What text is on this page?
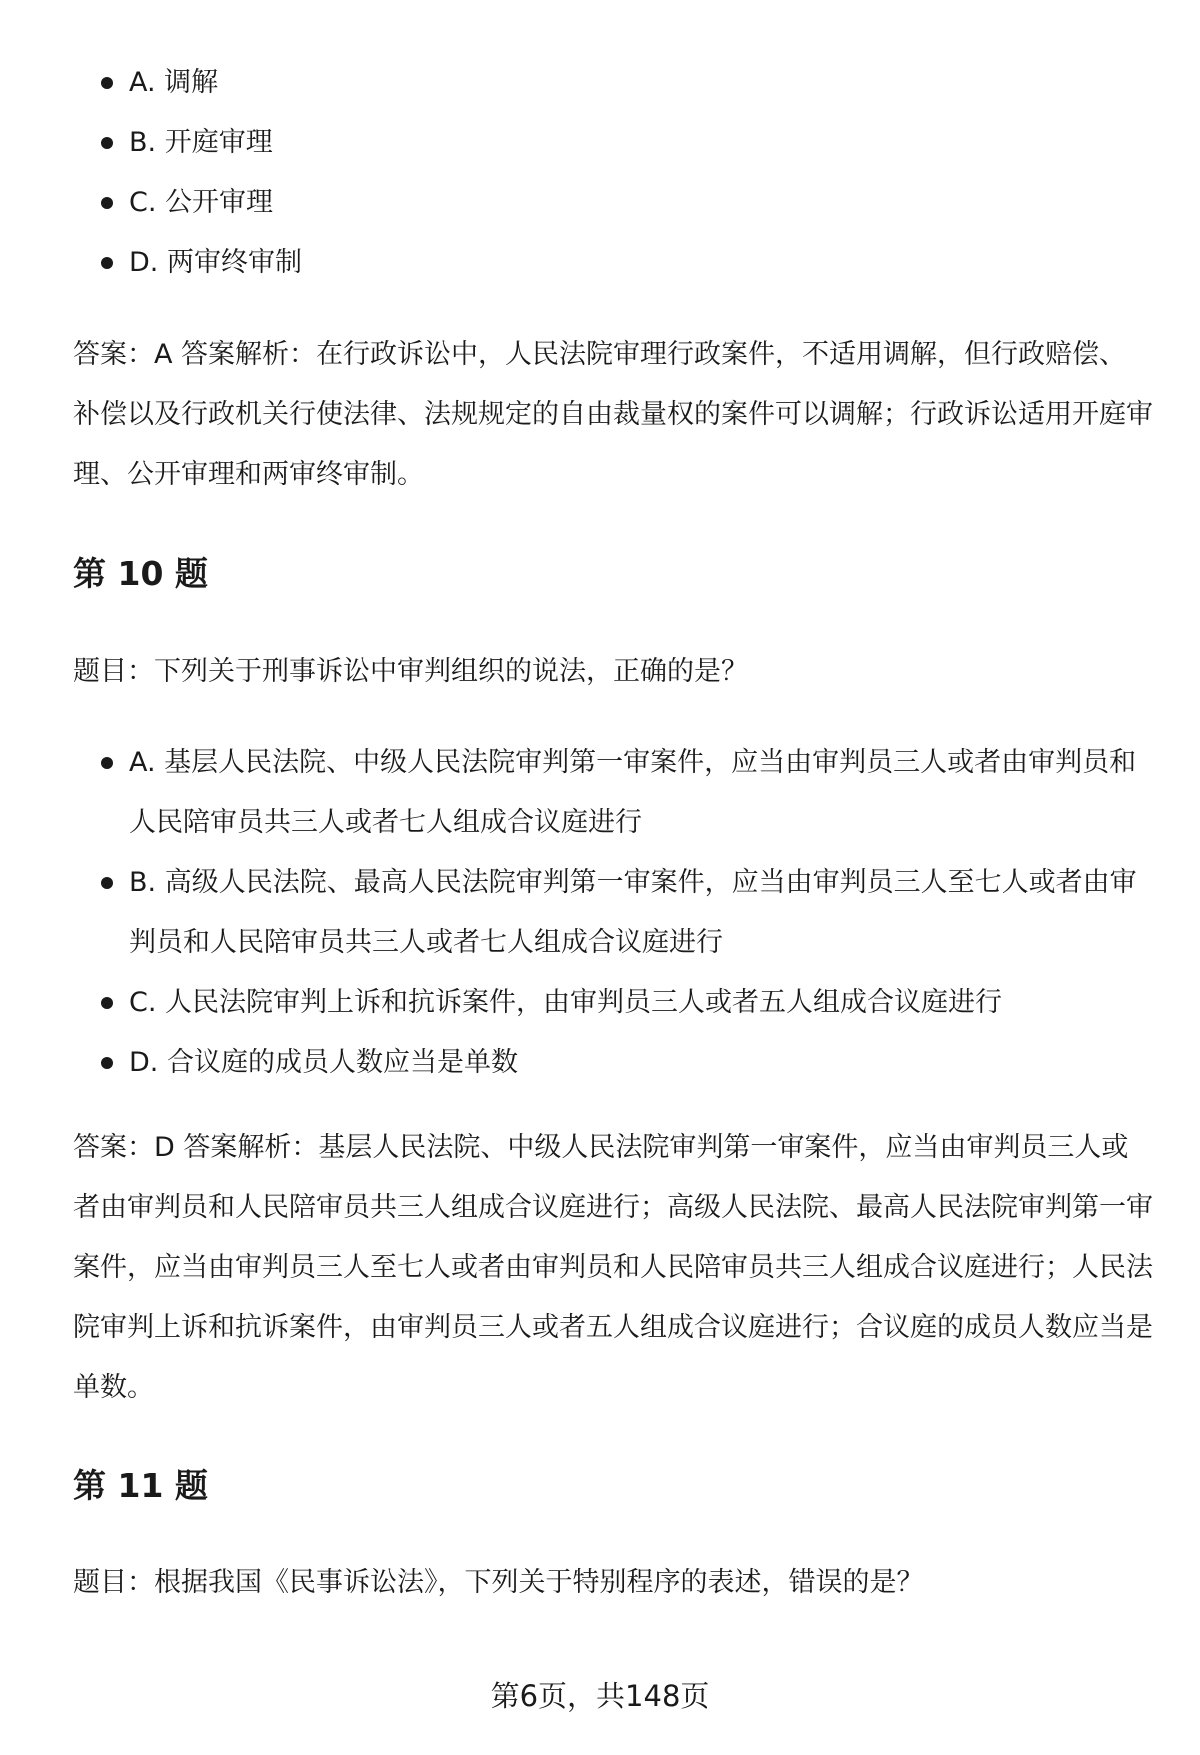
A. 调解
B. 开庭审理
C. 公开审理
D. 两审终审制

答案：A 答案解析：在行政诉讼中，人民法院审理行政案件，不适用调解，但行政赔偿、补偿以及行政机关行使法律、法规规定的自由裁量权的案件可以调解；行政诉讼适用开庭审理、公开审理和两审终审制。

第 10 题

题目：下列关于刑事诉讼中审判组织的说法，正确的是？

A. 基层人民法院、中级人民法院审判第一审案件，应当由审判员三人或者由审判员和人民陪审员共三人或者七人组成合议庭进行
B. 高级人民法院、最高人民法院审判第一审案件，应当由审判员三人至七人或者由审判员和人民陪审员共三人或者七人组成合议庭进行
C. 人民法院审判上诉和抗诉案件，由审判员三人或者五人组成合议庭进行
D. 合议庭的成员人数应当是单数

答案：D 答案解析：基层人民法院、中级人民法院审判第一审案件，应当由审判员三人或者由审判员和人民陪审员共三人组成合议庭进行；高级人民法院、最高人民法院审判第一审案件，应当由审判员三人至七人或者由审判员和人民陪审员共三人组成合议庭进行；人民法院审判上诉和抗诉案件，由审判员三人或者五人组成合议庭进行；合议庭的成员人数应当是单数。

第 11 题

题目：根据我国《民事诉讼法》，下列关于特别程序的表述，错误的是？

第6页，共148页
